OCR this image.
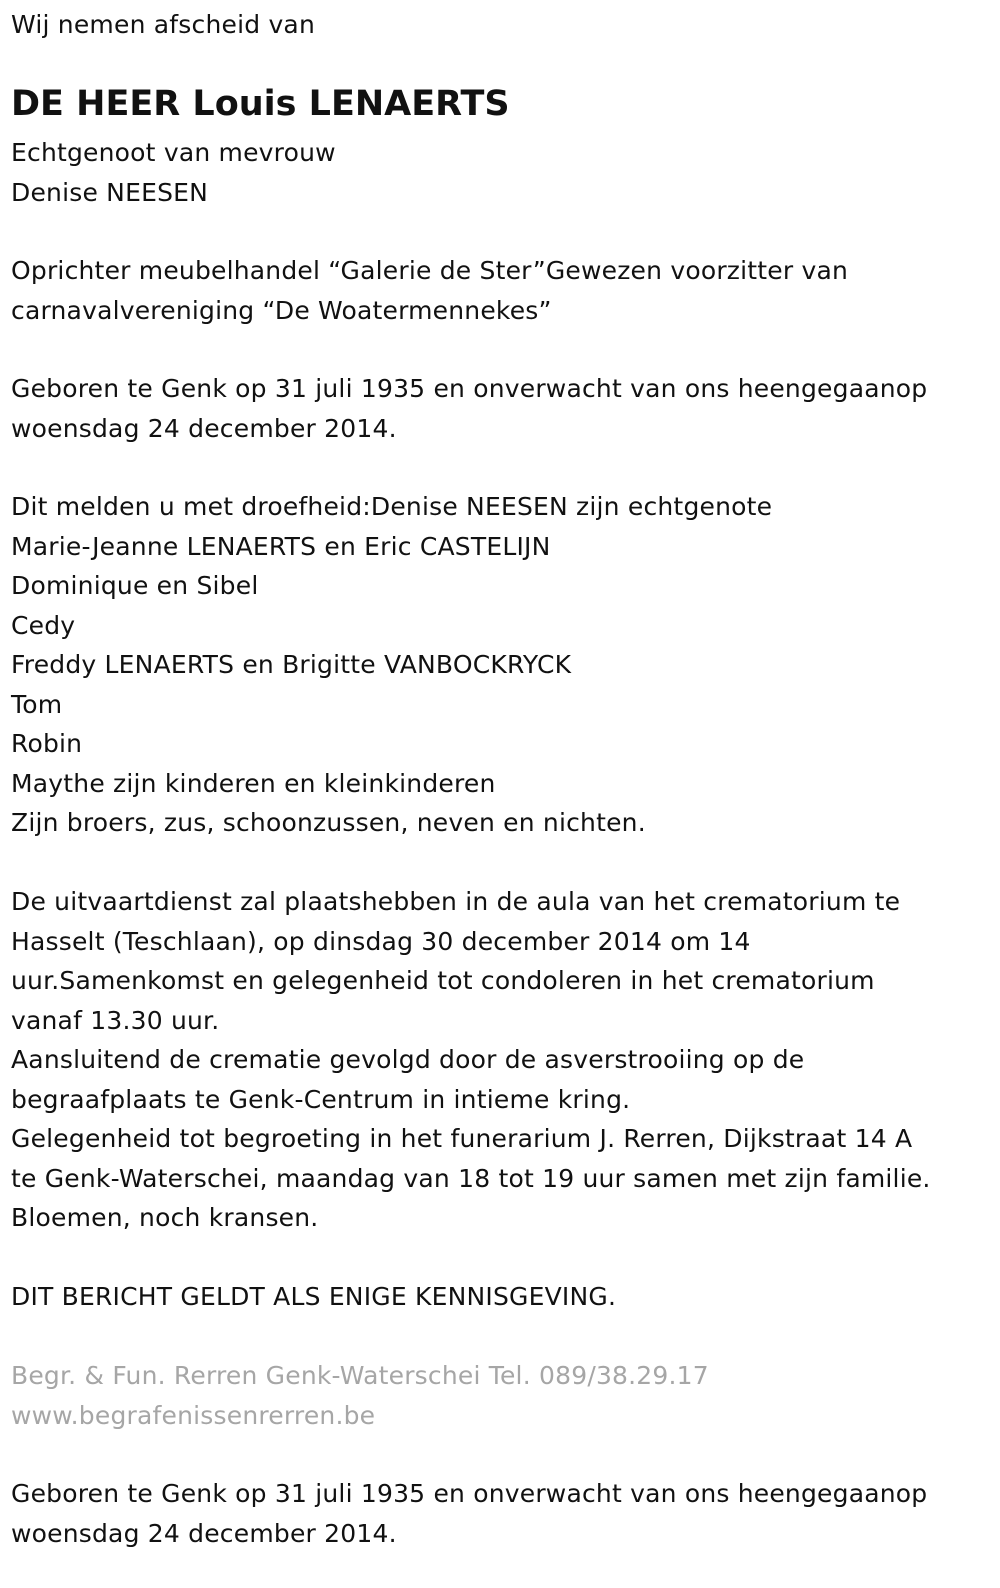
Wij nemen afscheid van
DE HEER Louis LENAERTS
Echtgenoot van mevrouw
Denise NEESEN
Oprichter meubelhandel “Galerie de Ster”Gewezen voorzitter van
carnavalvereniging “De Woatermennekes”
Geboren te Genk op 31 juli 1935 en onverwacht van ons heengegaanop
woensdag 24 december 2014.
Dit melden u met droefheid:Denise NEESEN zijn echtgenote
Marie-Jeanne LENAERTS en Eric CASTELIJN
Dominique en Sibel
Cedy
Freddy LENAERTS en Brigitte VANBOCKRYCK
Tom
Robin
Maythe zijn kinderen en kleinkinderen
Zijn broers, zus, schoonzussen, neven en nichten.
De uitvaartdienst zal plaatshebben in de aula van het crematorium te
Hasselt (Teschlaan), op dinsdag 30 december 2014 om 14
uur.Samenkomst en gelegenheid tot condoleren in het crematorium
vanaf 13.30 uur.
Aansluitend de crematie gevolgd door de asverstrooiing op de
begraafplaats te Genk-Centrum in intieme kring.
Gelegenheid tot begroeting in het funerarium J. Rerren, Dijkstraat 14 A
te Genk-Waterschei, maandag van 18 tot 19 uur samen met zijn familie.
Bloemen, noch kransen.
DIT BERICHT GELDT ALS ENIGE KENNISGEVING.
Begr. & Fun. Rerren Genk-Waterschei Tel. 089/38.29.17
www.begrafenissenrerren.be
Geboren te Genk op 31 juli 1935 en onverwacht van ons heengegaanop
woensdag 24 december 2014.
